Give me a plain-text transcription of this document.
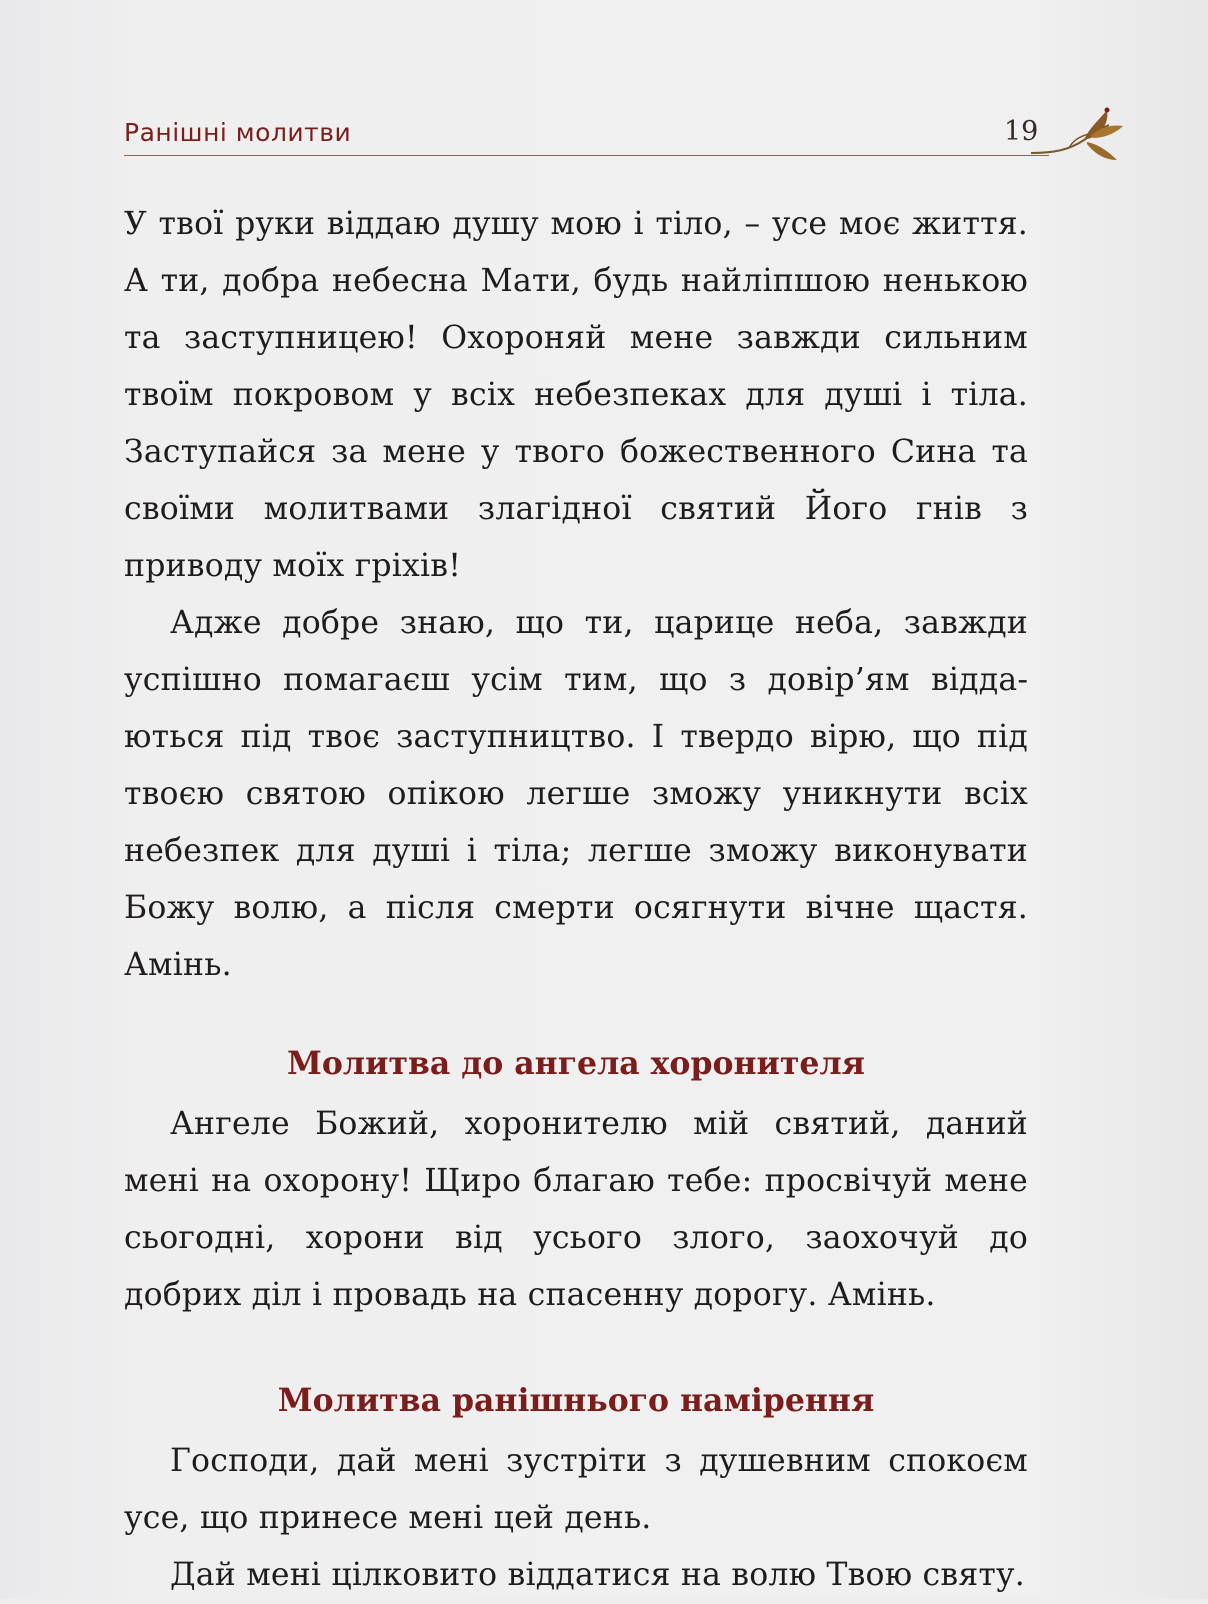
Ранішні молитви	19

У твої руки віддаю душу мою і тіло, – усе моє життя. А ти, добра небесна Мати, будь найліпшою ненькою та заступницею! Охороняй мене завжди сильним твоїм покровом у всіх небезпеках для душі і тіла. Заступайся за мене у твого божественного Сина та своїми молитвами злагідної святий Його гнів з приводу моїх гріхів!

Адже добре знаю, що ти, царице неба, завжди успішно помагаєш усім тим, що з довір’ям віддаються під твоє заступництво. І твердо вірю, що під твоєю святою опікою легше зможу уникнути всіх небезпек для душі і тіла; легше зможу виконувати Божу волю, а після смерти осягнути вічне щастя. Амінь.

Молитва до ангела хоронителя

Ангеле Божий, хоронителю мій святий, даний мені на охорону! Щиро благаю тебе: просвічуй мене сьогодні, хорони від усього злого, заохочуй до добрих діл і провадь на спасенну дорогу. Амінь.

Молитва ранішнього намірення

Господи, дай мені зустріти з душевним спокоєм усе, що принесе мені цей день.

Дай мені цілковито віддатися на волю Твою святу.
